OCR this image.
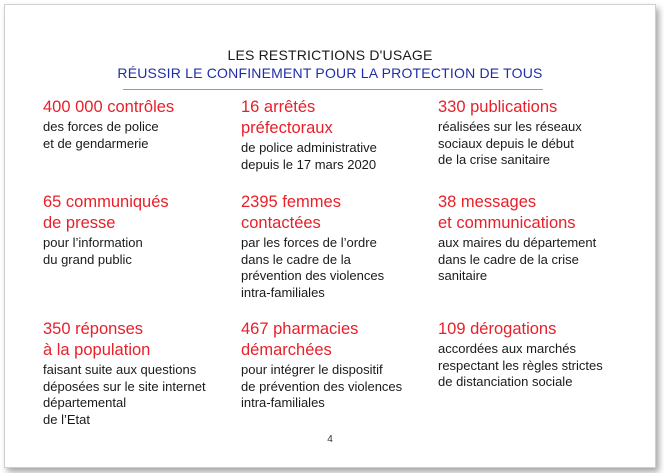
LES RESTRICTIONS D'USAGE
RÉUSSIR LE CONFINEMENT POUR LA PROTECTION DE TOUS
400 000 contrôles
des forces de police
et de gendarmerie
16 arrêtés
préfectoraux
de police administrative
depuis le 17 mars 2020
330 publications
réalisées sur les réseaux
sociaux depuis le début
de la crise sanitaire
65 communiqués
de presse
pour l’information
du grand public
2395 femmes
contactées
par les forces de l’ordre
dans le cadre de la
prévention des violences
intra-familiales
38 messages
et communications
aux maires du département
dans le cadre de la crise
sanitaire
350 réponses
à la population
faisant suite aux questions
déposées sur le site internet
départemental
de l’Etat
467 pharmacies
démarchées
pour intégrer le dispositif
de prévention des violences
intra-familiales
109 dérogations
accordées aux marchés
respectant les règles strictes
de distanciation sociale
4
